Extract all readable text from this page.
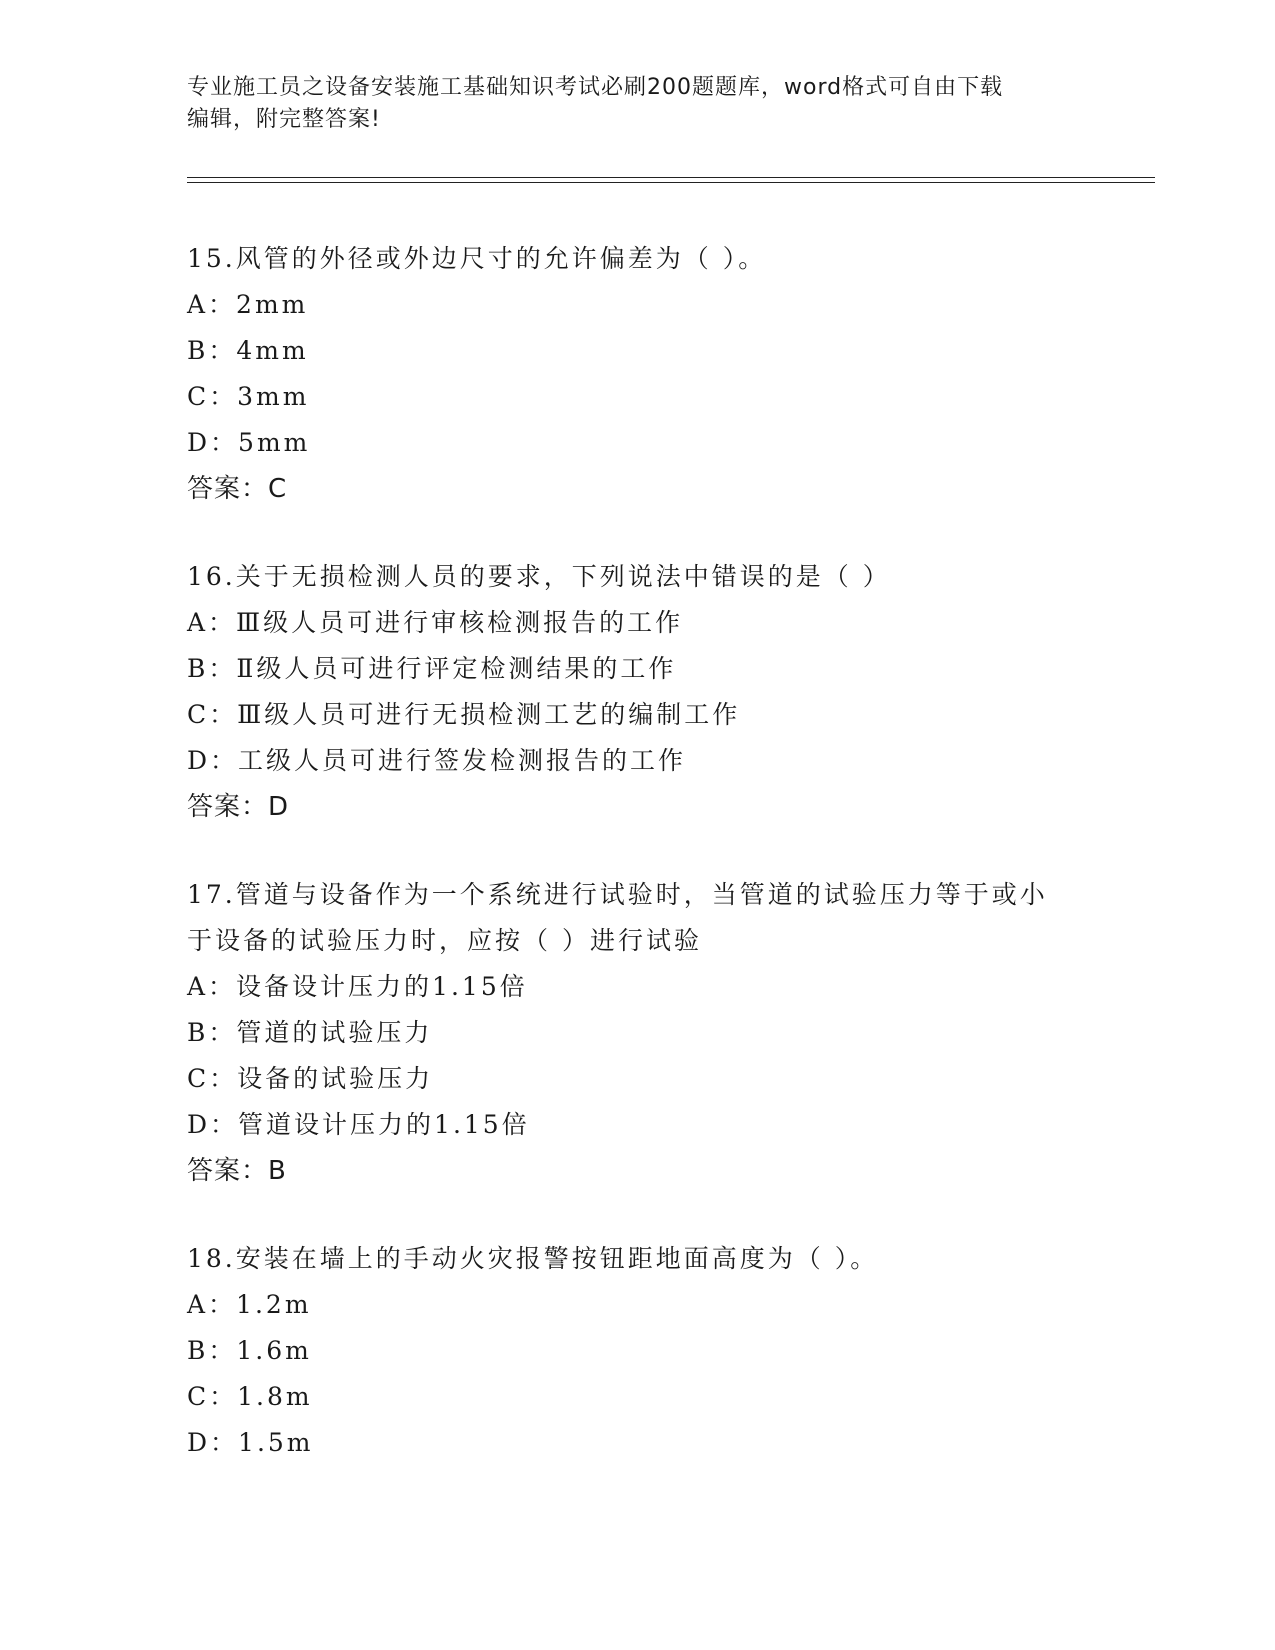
专业施工员之设备安装施工基础知识考试必刷200题题库，word格式可自由下载
编辑，附完整答案!
15.风管的外径或外边尺寸的允许偏差为（ ）。
A：2mm
B：4mm
C：3mm
D：5mm
答案：C
16.关于无损检测人员的要求，下列说法中错误的是（ ）
A：Ⅲ级人员可进行审核检测报告的工作
B：Ⅱ级人员可进行评定检测结果的工作
C：Ⅲ级人员可进行无损检测工艺的编制工作
D：工级人员可进行签发检测报告的工作
答案：D
17.管道与设备作为一个系统进行试验时，当管道的试验压力等于或小
于设备的试验压力时，应按（ ）进行试验
A：设备设计压力的1.15倍
B：管道的试验压力
C：设备的试验压力
D：管道设计压力的1.15倍
答案：B
18.安装在墙上的手动火灾报警按钮距地面高度为（ ）。
A：1.2m
B：1.6m
C：1.8m
D：1.5m
